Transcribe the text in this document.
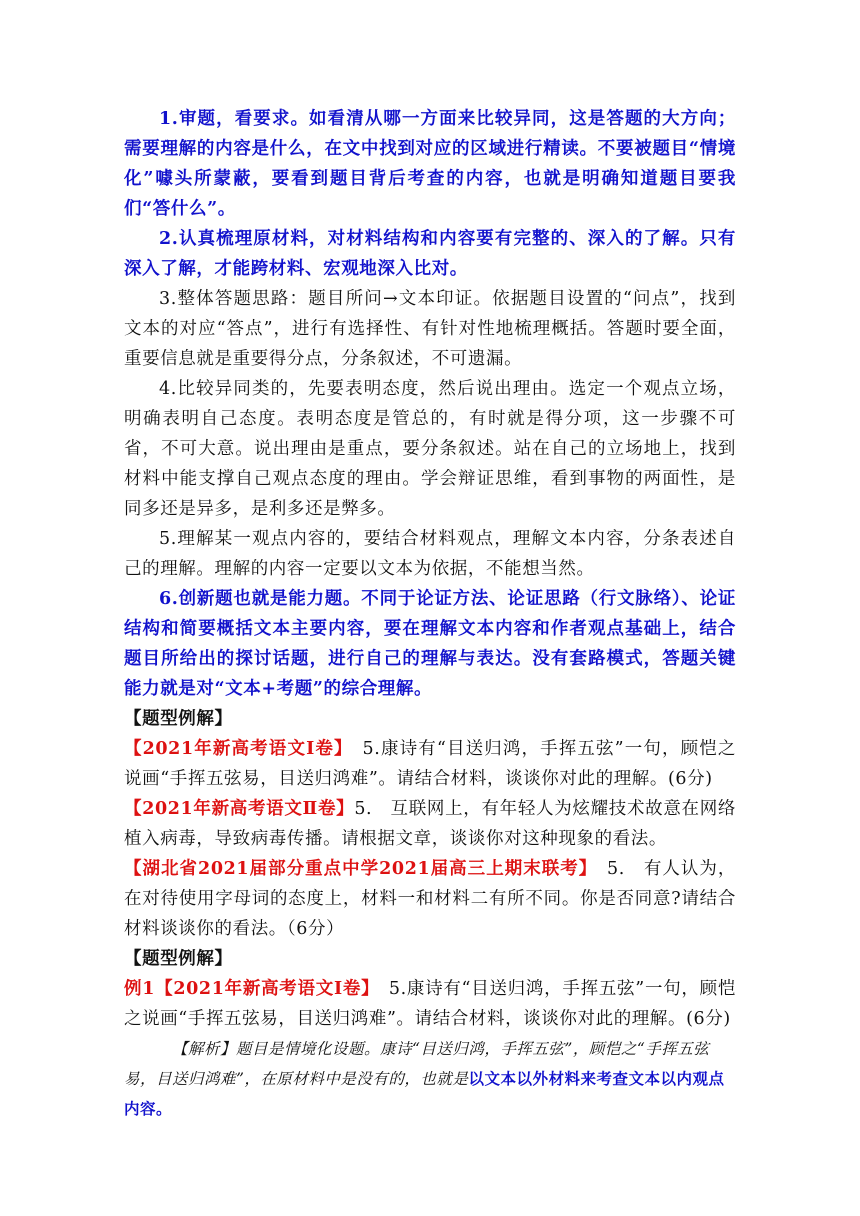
1.审题，看要求。如看清从哪一方面来比较异同，这是答题的大方向；需要理解的内容是什么，在文中找到对应的区域进行精读。不要被题目“情境化”噱头所蒙蔽，要看到题目背后考查的内容，也就是明确知道题目要我们“答什么”。

2.认真梳理原材料，对材料结构和内容要有完整的、深入的了解。只有深入了解，才能跨材料、宏观地深入比对。

3.整体答题思路：题目所问→文本印证。依据题目设置的“问点”，找到文本的对应“答点”，进行有选择性、有针对性地梳理概括。答题时要全面，重要信息就是重要得分点，分条叙述，不可遗漏。

4.比较异同类的，先要表明态度，然后说出理由。选定一个观点立场，明确表明自己态度。表明态度是管总的，有时就是得分项，这一步骤不可省，不可大意。说出理由是重点，要分条叙述。站在自己的立场地上，找到材料中能支撑自己观点态度的理由。学会辩证思维，看到事物的两面性，是同多还是异多，是利多还是弊多。

5.理解某一观点内容的，要结合材料观点，理解文本内容，分条表述自己的理解。理解的内容一定要以文本为依据，不能想当然。

6.创新题也就是能力题。不同于论证方法、论证思路（行文脉络）、论证结构和简要概括文本主要内容，要在理解文本内容和作者观点基础上，结合题目所给出的探讨话题，进行自己的理解与表达。没有套路模式，答题关键能力就是对“文本+考题”的综合理解。

【题型例解】

【2021年新高考语文Ⅰ卷】　5.康诗有“目送归鸿，手挥五弦”一句，顾恺之说画“手挥五弦易，目送归鸿难”。请结合材料，谈谈你对此的理解。(6分)

【2021年新高考语文Ⅱ卷】5.　互联网上，有年轻人为炫耀技术故意在网络植入病毒，导致病毒传播。请根据文章，谈谈你对这种现象的看法。

【湖北省2021届部分重点中学2021届高三上期末联考】　5.　有人认为，在对待使用字母词的态度上，材料一和材料二有所不同。你是否同意?请结合材料谈谈你的看法。（6分）

【题型例解】

例1【2021年新高考语文Ⅰ卷】　5.康诗有“目送归鸿，手挥五弦”一句，顾恺之说画“手挥五弦易，目送归鸿难”。请结合材料，谈谈你对此的理解。(6分)

【解析】题目是情境化设题。康诗“目送归鸿，手挥五弦”，顾恺之“手挥五弦易，目送归鸿难”，在原材料中是没有的，也就是以文本以外材料来考查文本以内观点内容。
